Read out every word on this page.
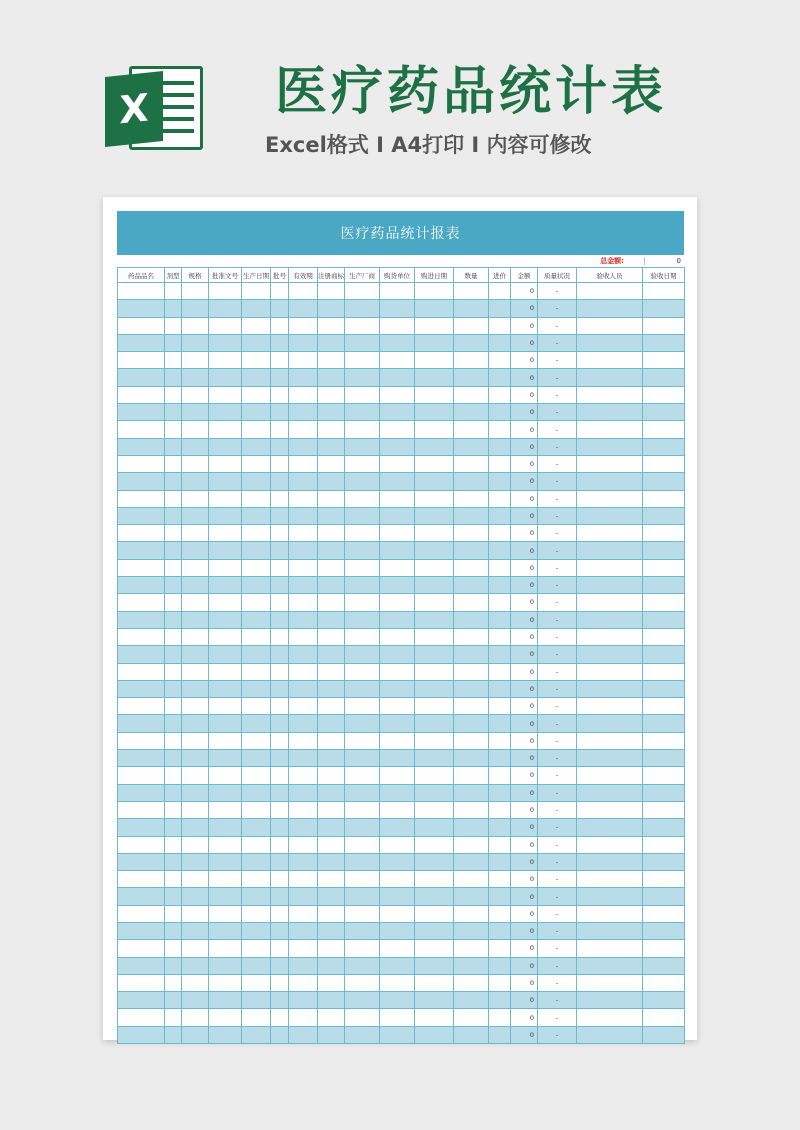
X 医疗药品统计表
Excel格式 I A4打印 I 内容可修改
医疗药品统计报表
总金额:	0
药品品名	剂型	规格	批准文号	生产日期	批号	有效期	注册商标	生产厂商	购货单位	购进日期	数量	进价	金额	质量状况	验收人员	验收日期
													0	-		
													0	-		
													0	-		
													0	-		
													0	-		
													0	-		
													0	-		
													0	-		
													0	-		
													0	-		
													0	-		
													0	-		
													0	-		
													0	-		
													0	-		
													0	-		
													0	-		
													0	-		
													0	-		
													0	-		
													0	-		
													0	-		
													0	-		
													0	-		
													0	-		
													0	-		
													0	-		
													0	-		
													0	-		
													0	-		
													0	-		
													0	-		
													0	-		
													0	-		
													0	-		
													0	-		
													0	-		
													0	-		
													0	-		
													0	-		
													0	-		
													0	-		
													0	-		
													0	-		
